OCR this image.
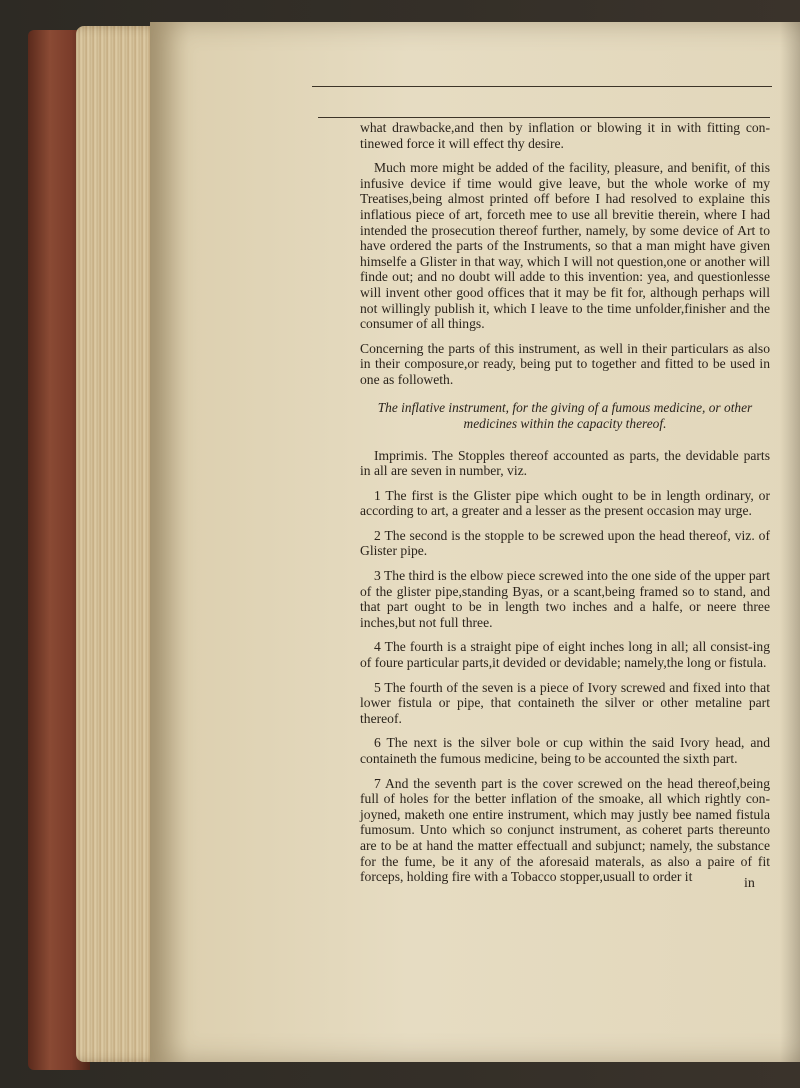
what drawbacke,and then by inflation or blowing it in with fitting con-tinewed force it will effect thy desire.

Much more might be added of the facility, pleasure, and benifit, of this infusive device if time would give leave, but the whole worke of my Treatises,being almost printed off before I had resolved to explaine this inflatious piece of art, forceth mee to use all brevitie therein, where I had intended the prosecution thereof further, namely, by some device of Art to have ordered the parts of the Instruments, so that a man might have given himselfe a Glister in that way, which I will not question,one or another will finde out; and no doubt will adde to this invention: yea, and questionlesse will invent other good offices that it may be fit for, although perhaps will not willingly publish it, which I leave to the time unfolder,finisher and the consumer of all things.

Concerning the parts of this instrument, as well in their particulars as also in their composure,or ready, being put to together and fitted to be used in one as followeth.

The inflative instrument, for the giving of a fumous medicine, or other medicines within the capacity thereof.

Imprimis. The Stopples thereof accounted as parts, the devidable parts in all are seven in number, viz.

1 The first is the Glister pipe which ought to be in length ordinary, or according to art, a greater and a lesser as the present occasion may urge.

2 The second is the stopple to be screwed upon the head thereof, viz. of Glister pipe.

3 The third is the elbow piece screwed into the one side of the upper part of the glister pipe,standing Byas, or a scant,being framed so to stand, and that part ought to be in length two inches and a halfe, or neere three inches,but not full three.

4 The fourth is a straight pipe of eight inches long in all; all consist-ing of foure particular parts,it devided or devidable; namely,the long or fistula.

5 The fourth of the seven is a piece of Ivory screwed and fixed into that lower fistula or pipe, that containeth the silver or other metaline part thereof.

6 The next is the silver bole or cup within the said Ivory head, and containeth the fumous medicine, being to be accounted the sixth part.

7 And the seventh part is the cover screwed on the head thereof,being full of holes for the better inflation of the smoake, all which rightly con-joyned, maketh one entire instrument, which may justly bee named fistula fumosum. Unto which so conjunct instrument, as coheret parts thereunto are to be at hand the matter effectuall and subjunct; namely, the substance for the fume, be it any of the aforesaid materals, as also a paire of fit forceps, holding fire with a Tobacco stopper,usuall to order it	in
